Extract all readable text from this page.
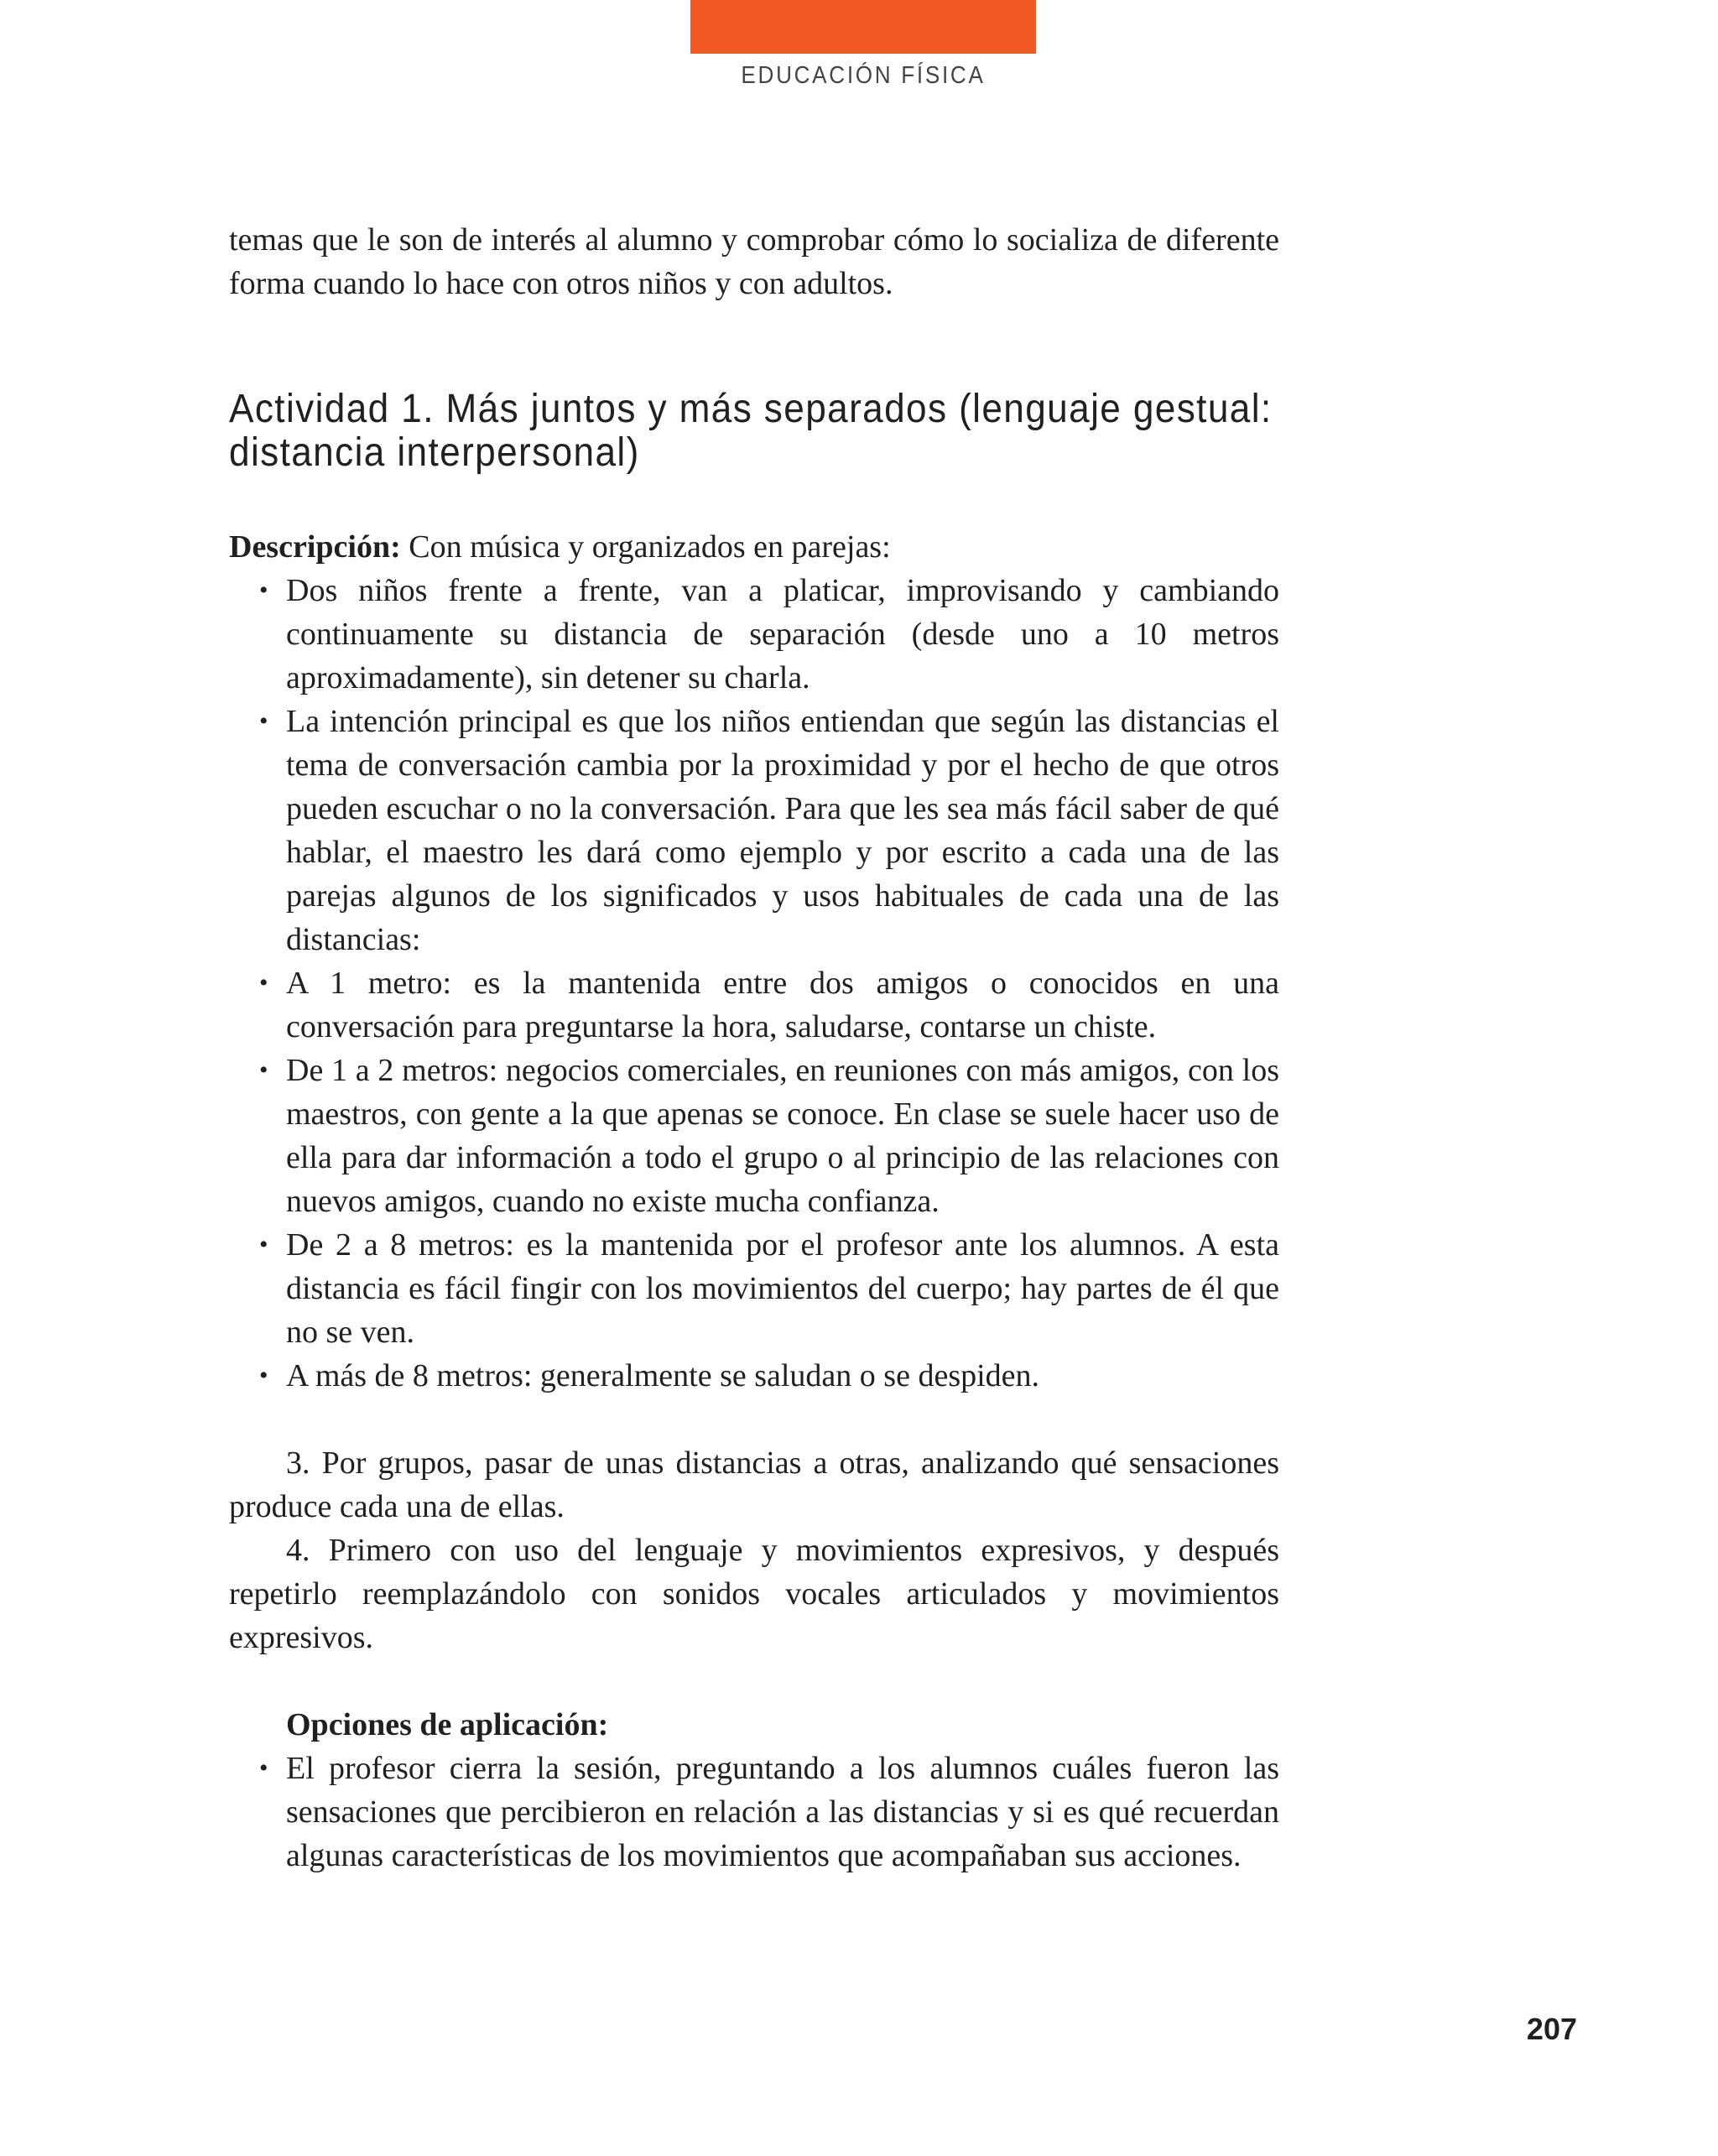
EDUCACIÓN FÍSICA

temas que le son de interés al alumno y comprobar cómo lo socializa de diferente forma cuando lo hace con otros niños y con adultos.

Actividad 1. Más juntos y más separados (lenguaje gestual: distancia interpersonal)

Descripción: Con música y organizados en parejas:

• Dos niños frente a frente, van a platicar, improvisando y cambiando continuamente su distancia de separación (desde uno a 10 metros aproximadamente), sin detener su charla.
• La intención principal es que los niños entiendan que según las distancias el tema de conversación cambia por la proximidad y por el hecho de que otros pueden escuchar o no la conversación. Para que les sea más fácil saber de qué hablar, el maestro les dará como ejemplo y por escrito a cada una de las parejas algunos de los significados y usos habituales de cada una de las distancias:
• A 1 metro: es la mantenida entre dos amigos o conocidos en una conversación para preguntarse la hora, saludarse, contarse un chiste.
• De 1 a 2 metros: negocios comerciales, en reuniones con más amigos, con los maestros, con gente a la que apenas se conoce. En clase se suele hacer uso de ella para dar información a todo el grupo o al principio de las relaciones con nuevos amigos, cuando no existe mucha confianza.
• De 2 a 8 metros: es la mantenida por el profesor ante los alumnos. A esta distancia es fácil fingir con los movimientos del cuerpo; hay partes de él que no se ven.
• A más de 8 metros: generalmente se saludan o se despiden.

3. Por grupos, pasar de unas distancias a otras, analizando qué sensaciones produce cada una de ellas.

4. Primero con uso del lenguaje y movimientos expresivos, y después repetirlo reemplazándolo con sonidos vocales articulados y movimientos expresivos.

Opciones de aplicación:
• El profesor cierra la sesión, preguntando a los alumnos cuáles fueron las sensaciones que percibieron en relación a las distancias y si es qué recuerdan algunas características de los movimientos que acompañaban sus acciones.
207
